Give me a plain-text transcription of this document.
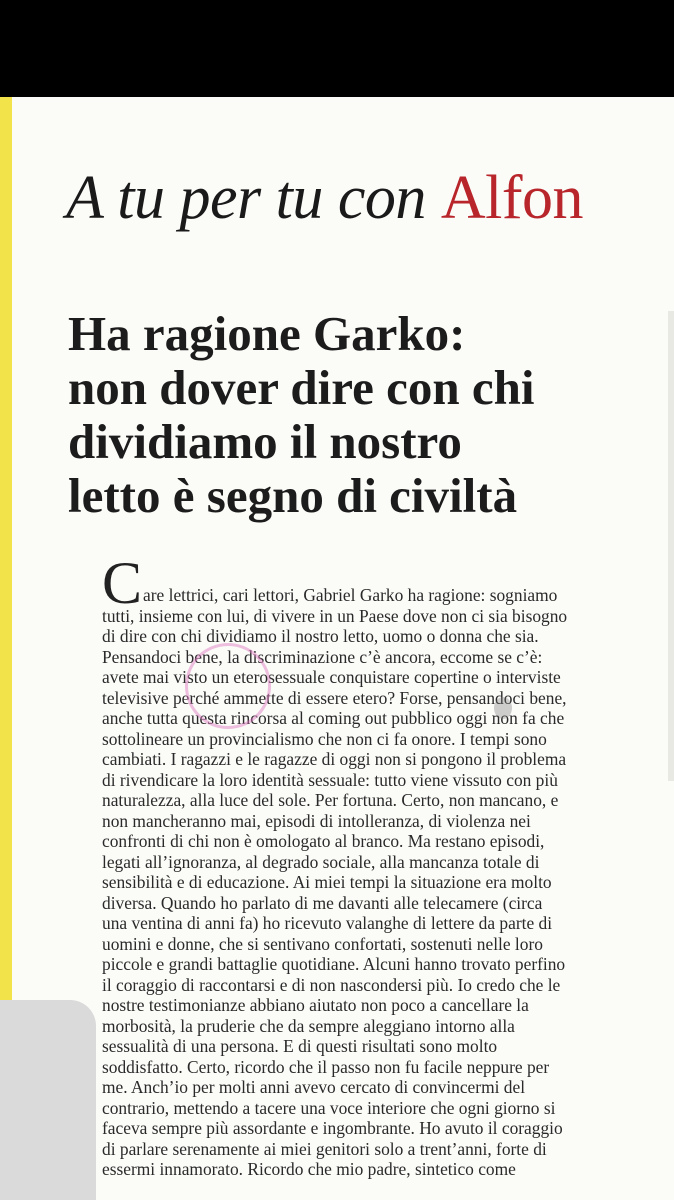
A tu per tu con Alfon
Ha ragione Garko:
non dover dire con chi
dividiamo il nostro
letto è segno di civiltà
Care lettrici, cari lettori, Gabriel Garko ha ragione: sogniamo
tutti, insieme con lui, di vivere in un Paese dove non ci sia bisogno
di dire con chi dividiamo il nostro letto, uomo o donna che sia.
Pensandoci bene, la discriminazione c’è ancora, eccome se c’è:
avete mai visto un eterosessuale conquistare copertine o interviste
televisive perché ammette di essere etero? Forse, pensandoci bene,
anche tutta questa rincorsa al coming out pubblico oggi non fa che
sottolineare un provincialismo che non ci fa onore. I tempi sono
cambiati. I ragazzi e le ragazze di oggi non si pongono il problema
di rivendicare la loro identità sessuale: tutto viene vissuto con più
naturalezza, alla luce del sole. Per fortuna. Certo, non mancano, e
non mancheranno mai, episodi di intolleranza, di violenza nei
confronti di chi non è omologato al branco. Ma restano episodi,
legati all’ignoranza, al degrado sociale, alla mancanza totale di
sensibilità e di educazione. Ai miei tempi la situazione era molto
diversa. Quando ho parlato di me davanti alle telecamere (circa
una ventina di anni fa) ho ricevuto valanghe di lettere da parte di
uomini e donne, che si sentivano confortati, sostenuti nelle loro
piccole e grandi battaglie quotidiane. Alcuni hanno trovato perfino
il coraggio di raccontarsi e di non nascondersi più. Io credo che le
nostre testimonianze abbiano aiutato non poco a cancellare la
morbosità, la pruderie che da sempre aleggiano intorno alla
sessualità di una persona. E di questi risultati sono molto
soddisfatto. Certo, ricordo che il passo non fu facile neppure per
me. Anch’io per molti anni avevo cercato di convincermi del
contrario, mettendo a tacere una voce interiore che ogni giorno si
faceva sempre più assordante e ingombrante. Ho avuto il coraggio
di parlare serenamente ai miei genitori solo a trent’anni, forte di
essermi innamorato. Ricordo che mio padre, sintetico come
